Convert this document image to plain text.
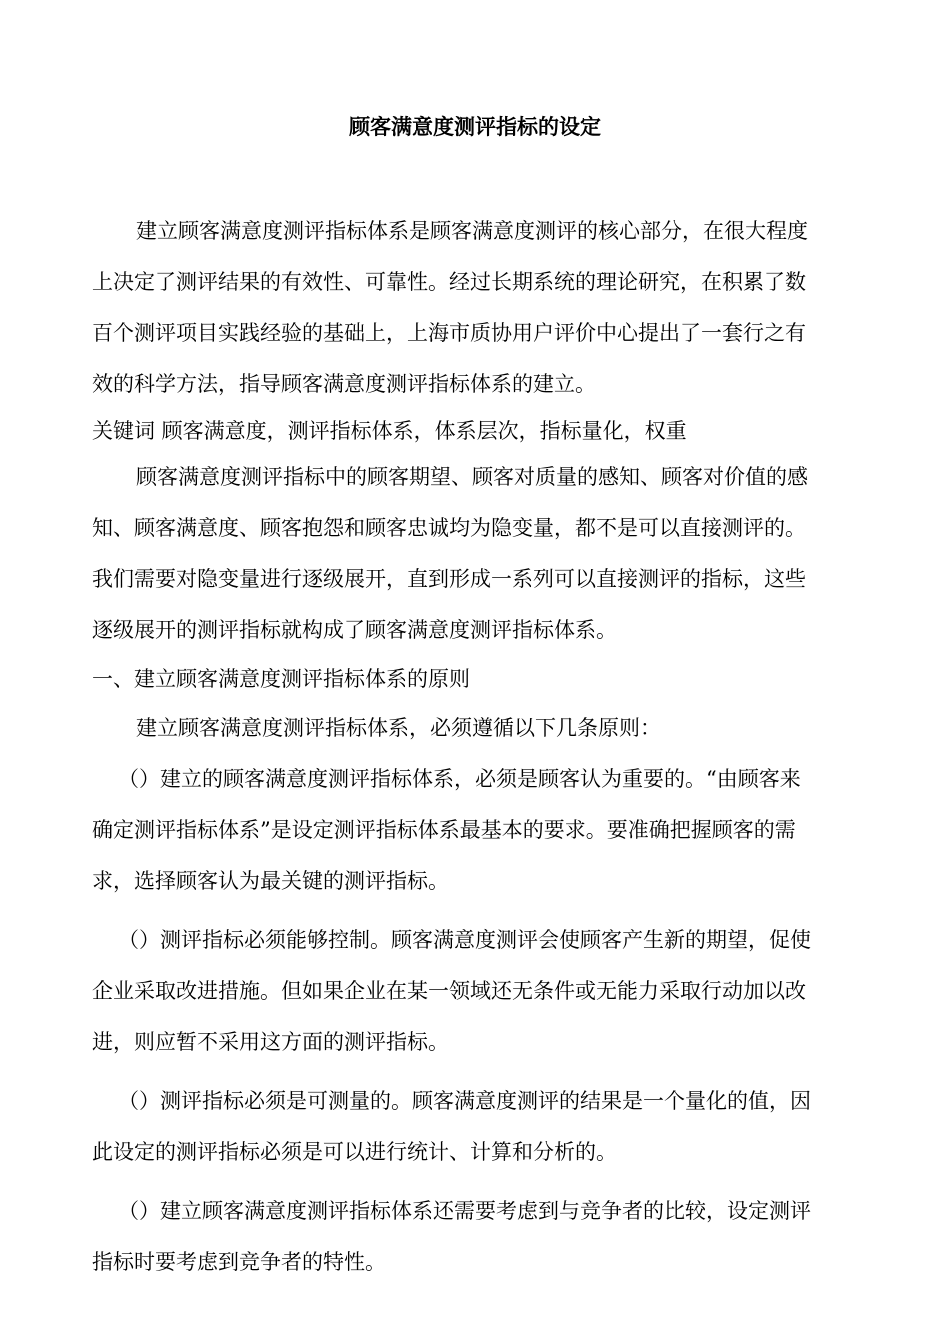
顾客满意度测评指标的设定
建立顾客满意度测评指标体系是顾客满意度测评的核心部分，在很大程度
上决定了测评结果的有效性、可靠性。经过长期系统的理论研究，在积累了数
百个测评项目实践经验的基础上，上海市质协用户评价中心提出了一套行之有
效的科学方法，指导顾客满意度测评指标体系的建立。
关键词 顾客满意度，测评指标体系，体系层次，指标量化，权重
顾客满意度测评指标中的顾客期望、顾客对质量的感知、顾客对价值的感
知、顾客满意度、顾客抱怨和顾客忠诚均为隐变量，都不是可以直接测评的。
我们需要对隐变量进行逐级展开，直到形成一系列可以直接测评的指标，这些
逐级展开的测评指标就构成了顾客满意度测评指标体系。
一、建立顾客满意度测评指标体系的原则
建立顾客满意度测评指标体系，必须遵循以下几条原则：
（）建立的顾客满意度测评指标体系，必须是顾客认为重要的。“由顾客来
确定测评指标体系”是设定测评指标体系最基本的要求。要准确把握顾客的需
求，选择顾客认为最关键的测评指标。
（）测评指标必须能够控制。顾客满意度测评会使顾客产生新的期望，促使
企业采取改进措施。但如果企业在某一领域还无条件或无能力采取行动加以改
进，则应暂不采用这方面的测评指标。
（）测评指标必须是可测量的。顾客满意度测评的结果是一个量化的值，因
此设定的测评指标必须是可以进行统计、计算和分析的。
（）建立顾客满意度测评指标体系还需要考虑到与竞争者的比较，设定测评
指标时要考虑到竞争者的特性。
